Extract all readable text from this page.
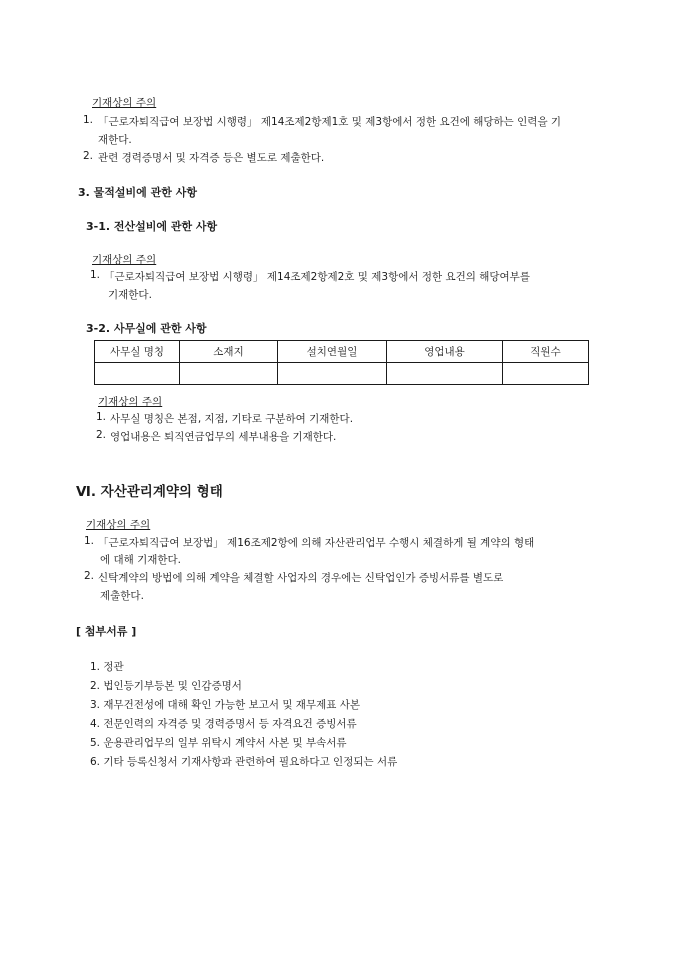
기재상의 주의
1. 「근로자퇴직급여 보장법 시행령」 제14조제2항제1호 및 제3항에서 정한 요건에 해당하는 인력을 기
재한다.
2. 관련 경력증명서 및 자격증 등은 별도로 제출한다.
3. 물적설비에 관한 사항
3-1. 전산설비에 관한 사항
기재상의 주의
1. 「근로자퇴직급여 보장법 시행령」 제14조제2항제2호 및 제3항에서 정한 요건의 해당여부를
기재한다.
3-2. 사무실에 관한 사항
사무실 명칭	소재지	설치연월일	영업내용	직원수

기재상의 주의
1. 사무실 명칭은 본점, 지점, 기타로 구분하여 기재한다.
2. 영업내용은 퇴직연금업무의 세부내용을 기재한다.
Ⅵ. 자산관리계약의 형태
기재상의 주의
1. 「근로자퇴직급여 보장법」 제16조제2항에 의해 자산관리업무 수행시 체결하게 될 계약의 형태
에 대해 기재한다.
2. 신탁계약의 방법에 의해 계약을 체결할 사업자의 경우에는 신탁업인가 증빙서류를 별도로
제출한다.
[ 첨부서류 ]
1. 정관
2. 법인등기부등본 및 인감증명서
3. 재무건전성에 대해 확인 가능한 보고서 및 재무제표 사본
4. 전문인력의 자격증 및 경력증명서 등 자격요건 증빙서류
5. 운용관리업무의 일부 위탁시 계약서 사본 및 부속서류
6. 기타 등록신청서 기재사항과 관련하여 필요하다고 인정되는 서류
